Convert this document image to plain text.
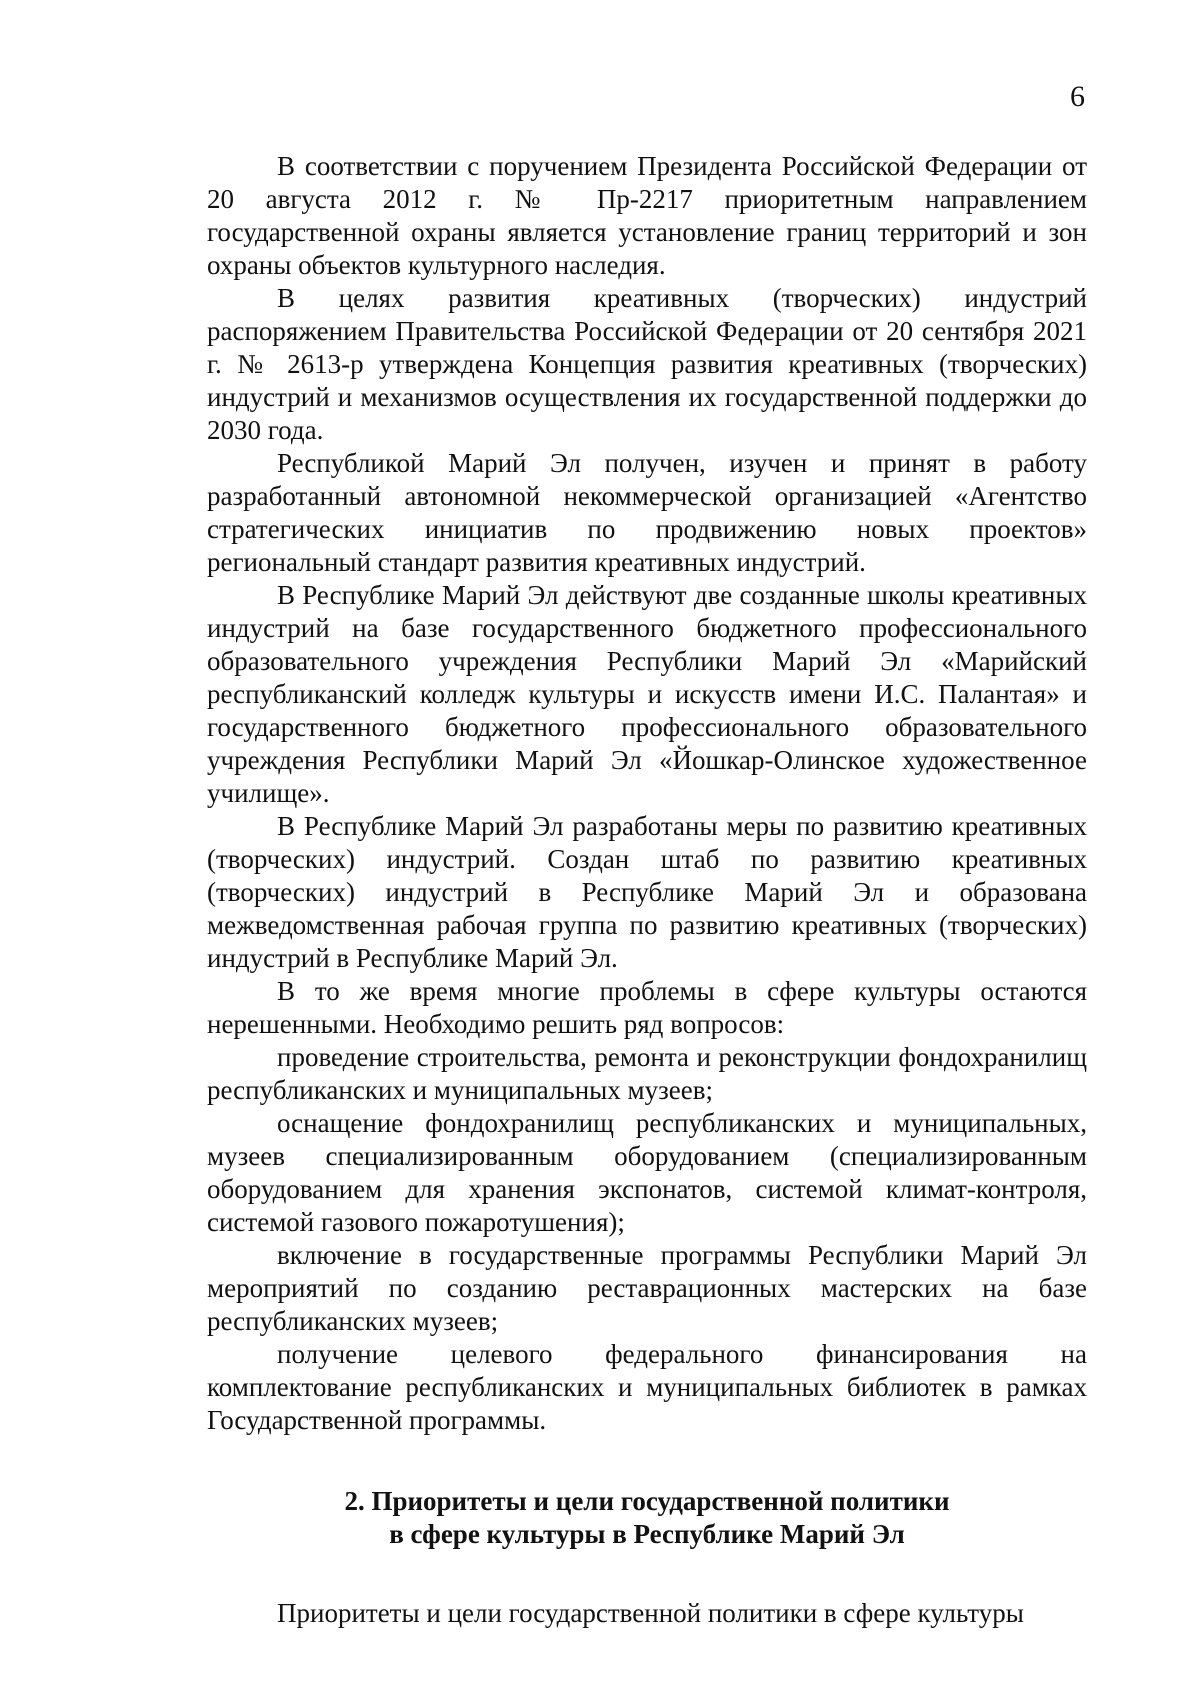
6

В соответствии с поручением Президента Российской Федерации от 20 августа 2012 г. № Пр-2217 приоритетным направлением государственной охраны является установление границ территорий и зон охраны объектов культурного наследия.

В целях развития креативных (творческих) индустрий распоряжением Правительства Российской Федерации от 20 сентября 2021 г. № 2613-р утверждена Концепция развития креативных (творческих) индустрий и механизмов осуществления их государственной поддержки до 2030 года.

Республикой Марий Эл получен, изучен и принят в работу разработанный автономной некоммерческой организацией «Агентство стратегических инициатив по продвижению новых проектов» региональный стандарт развития креативных индустрий.

В Республике Марий Эл действуют две созданные школы креативных индустрий на базе государственного бюджетного профессионального образовательного учреждения Республики Марий Эл «Марийский республиканский колледж культуры и искусств имени И.С. Палантая» и государственного бюджетного профессионального образовательного учреждения Республики Марий Эл «Йошкар-Олинское художественное училище».

В Республике Марий Эл разработаны меры по развитию креативных (творческих) индустрий. Создан штаб по развитию креативных (творческих) индустрий в Республике Марий Эл и образована межведомственная рабочая группа по развитию креативных (творческих) индустрий в Республике Марий Эл.

В то же время многие проблемы в сфере культуры остаются нерешенными. Необходимо решить ряд вопросов:

проведение строительства, ремонта и реконструкции фондохранилищ республиканских и муниципальных музеев;

оснащение фондохранилищ республиканских и муниципальных, музеев специализированным оборудованием (специализированным оборудованием для хранения экспонатов, системой климат-контроля, системой газового пожаротушения);

включение в государственные программы Республики Марий Эл мероприятий по созданию реставрационных мастерских на базе республиканских музеев;

получение целевого федерального финансирования на комплектование республиканских и муниципальных библиотек в рамках Государственной программы.

2. Приоритеты и цели государственной политики
в сфере культуры в Республике Марий Эл

Приоритеты и цели государственной политики в сфере культуры
